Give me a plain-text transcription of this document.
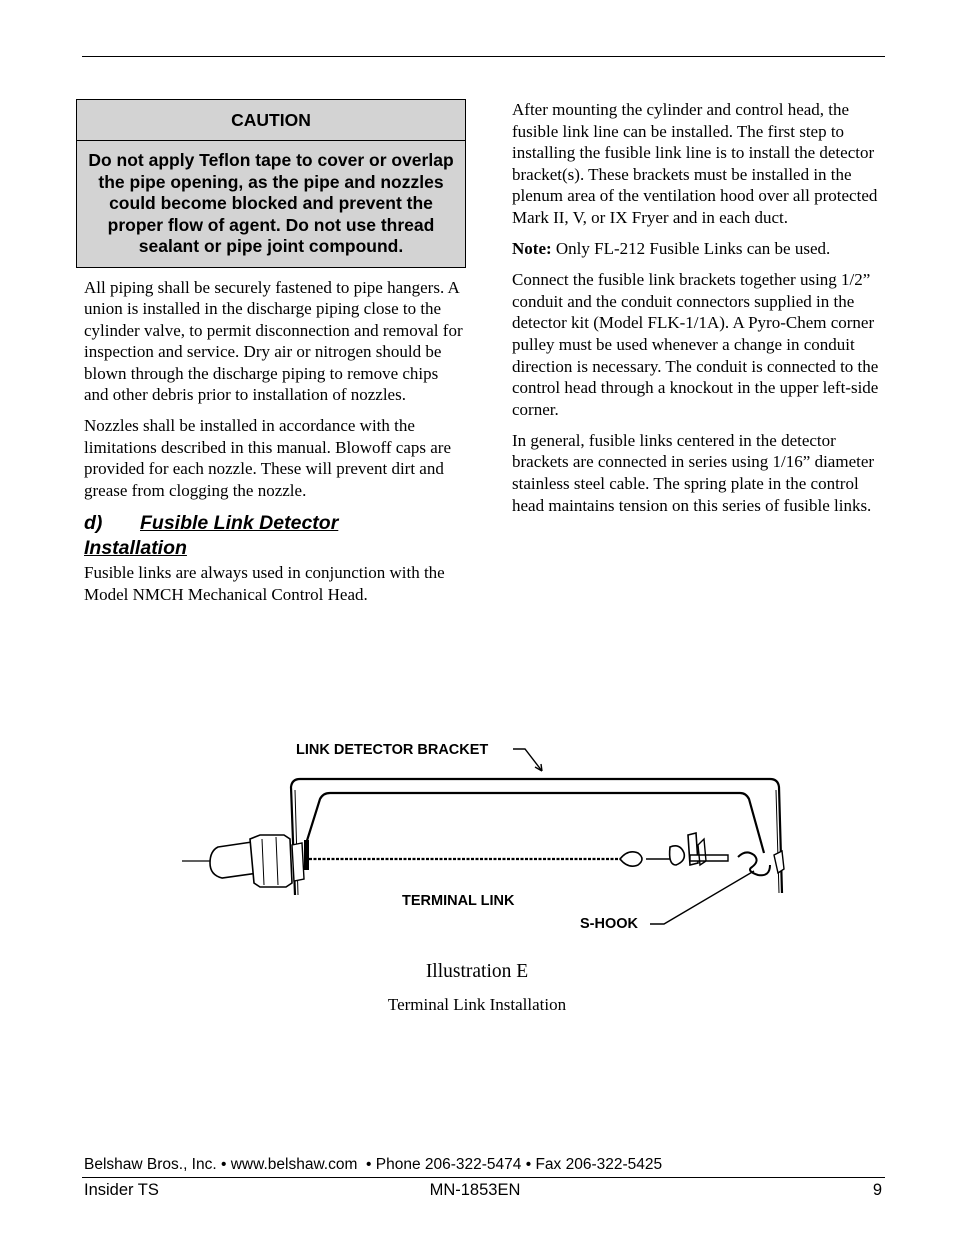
CAUTION
Do not apply Teflon tape to cover or overlap the pipe opening, as the pipe and nozzles could become blocked and prevent the proper flow of agent. Do not use thread sealant or pipe joint compound.

All piping shall be securely fastened to pipe hangers. A union is installed in the discharge piping close to the cylinder valve, to permit disconnection and removal for inspection and service. Dry air or nitrogen should be blown through the discharge piping to remove chips and other debris prior to installation of nozzles.

Nozzles shall be installed in accordance with the limitations described in this manual. Blowoff caps are provided for each nozzle. These will prevent dirt and grease from clogging the nozzle.

d) Fusible Link Detector
Installation

Fusible links are always used in conjunction with the Model NMCH Mechanical Control Head.

After mounting the cylinder and control head, the fusible link line can be installed. The first step to installing the fusible link line is to install the detector bracket(s). These brackets must be installed in the plenum area of the ventilation hood over all protected Mark II, V, or IX Fryer and in each duct.

Note: Only FL-212 Fusible Links can be used.

Connect the fusible link brackets together using 1/2” conduit and the conduit connectors supplied in the detector kit (Model FLK-1/1A). A Pyro-Chem corner pulley must be used whenever a change in conduit direction is necessary. The conduit is connected to the control head through a knockout in the upper left-side corner.

In general, fusible links centered in the detector brackets are connected in series using 1/16” diameter stainless steel cable. The spring plate in the control head maintains tension on this series of fusible links.

LINK DETECTOR BRACKET
TERMINAL LINK
S-HOOK
Illustration E
Terminal Link Installation
Belshaw Bros., Inc. • www.belshaw.com • Phone 206-322-5474 • Fax 206-322-5425
Insider TS	MN-1853EN	9
